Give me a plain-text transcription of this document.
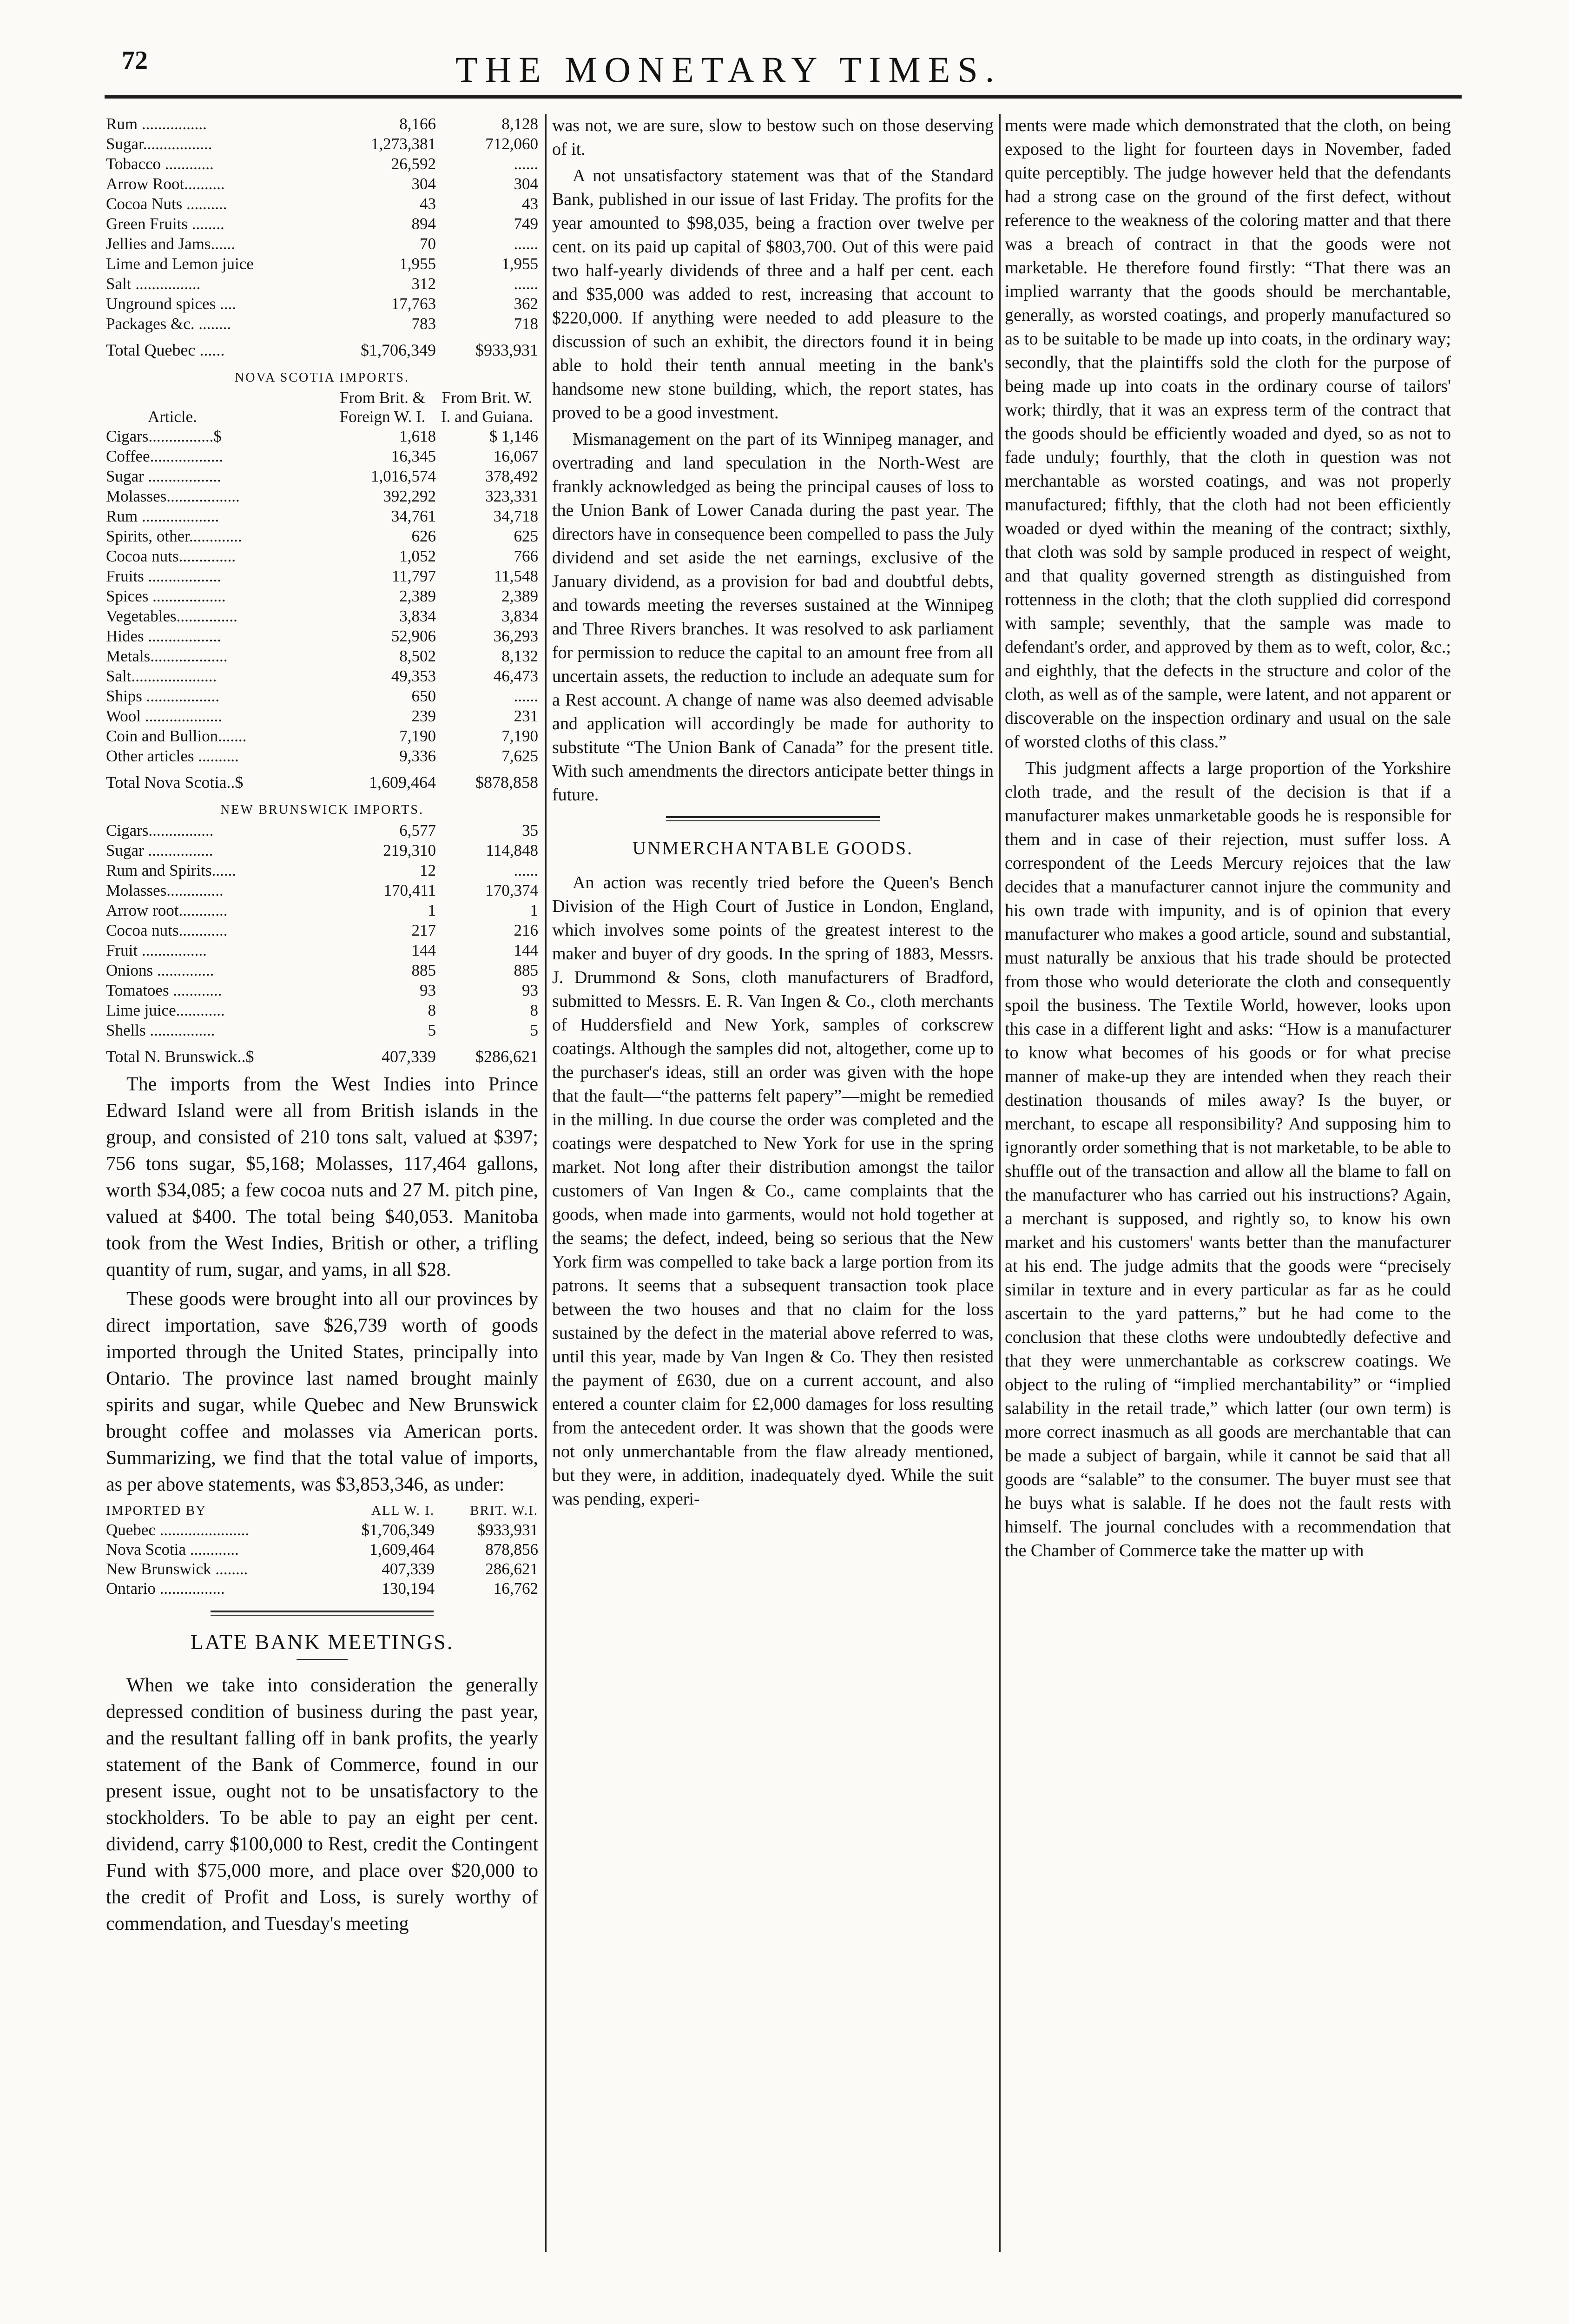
72	THE MONETARY TIMES.
Rum ................	8,166	8,128
Sugar.................	1,273,381	712,060
Tobacco ............	26,592	......
Arrow Root..........	304	304
Cocoa Nuts ..........	43	43
Green Fruits ........	894	749
Jellies and Jams......	70	......
Lime and Lemon juice	1,955	1,955
Salt ................	312	......
Unground spices ....	17,763	362
Packages &c. ........	783	718
Total Quebec ......	$1,706,349	$933,931
NOVA SCOTIA IMPORTS.
Article.	From Brit. & Foreign W. I.	From Brit. W. I. and Guiana.
Cigars................$	1,618	$ 1,146
Coffee..................	16,345	16,067
Sugar ..................	1,016,574	378,492
Molasses..................	392,292	323,331
Rum ...................	34,761	34,718
Spirits, other.............	626	625
Cocoa nuts..............	1,052	766
Fruits ..................	11,797	11,548
Spices ..................	2,389	2,389
Vegetables...............	3,834	3,834
Hides ..................	52,906	36,293
Metals...................	8,502	8,132
Salt.....................	49,353	46,473
Ships ..................	650	......
Wool ...................	239	231
Coin and Bullion.......	7,190	7,190
Other articles ..........	9,336	7,625
Total Nova Scotia..$	1,609,464	$878,858
NEW BRUNSWICK IMPORTS.
Cigars................	6,577	35
Sugar ................	219,310	114,848
Rum and Spirits......	12	......
Molasses..............	170,411	170,374
Arrow root............	1	1
Cocoa nuts............	217	216
Fruit ................	144	144
Onions ..............	885	885
Tomatoes ............	93	93
Lime juice............	8	8
Shells ................	5	5
Total N. Brunswick..$	407,339	$286,621

The imports from the West Indies into Prince Edward Island were all from British islands in the group, and consisted of 210 tons salt, valued at $397; 756 tons sugar, $5,168; Molasses, 117,464 gallons, worth $34,085; a few cocoa nuts and 27 M. pitch pine, valued at $400. The total being $40,053. Manitoba took from the West Indies, British or other, a trifling quantity of rum, sugar, and yams, in all $28.

These goods were brought into all our provinces by direct importation, save $26,739 worth of goods imported through the United States, principally into Ontario. The province last named brought mainly spirits and sugar, while Quebec and New Brunswick brought coffee and molasses via American ports. Summarizing, we find that the total value of imports, as per above statements, was $3,853,346, as under:

IMPORTED BY	ALL W. I.	BRIT. W.I.
Quebec ......................	$1,706,349	$933,931
Nova Scotia ............	1,609,464	878,856
New Brunswick ........	407,339	286,621
Ontario ................	130,194	16,762
LATE BANK MEETINGS.

When we take into consideration the generally depressed condition of business during the past year, and the resultant falling off in bank profits, the yearly statement of the Bank of Commerce, found in our present issue, ought not to be unsatisfactory to the stockholders. To be able to pay an eight per cent. dividend, carry $100,000 to Rest, credit the Contingent Fund with $75,000 more, and place over $20,000 to the credit of Profit and Loss, is surely worthy of commendation, and Tuesday's meeting

was not, we are sure, slow to bestow such on those deserving of it.

A not unsatisfactory statement was that of the Standard Bank, published in our issue of last Friday. The profits for the year amounted to $98,035, being a fraction over twelve per cent. on its paid up capital of $803,700. Out of this were paid two half-yearly dividends of three and a half per cent. each and $35,000 was added to rest, increasing that account to $220,000. If anything were needed to add pleasure to the discussion of such an exhibit, the directors found it in being able to hold their tenth annual meeting in the bank's handsome new stone building, which, the report states, has proved to be a good investment.

Mismanagement on the part of its Winnipeg manager, and overtrading and land speculation in the North-West are frankly acknowledged as being the principal causes of loss to the Union Bank of Lower Canada during the past year. The directors have in consequence been compelled to pass the July dividend and set aside the net earnings, exclusive of the January dividend, as a provision for bad and doubtful debts, and towards meeting the reverses sustained at the Winnipeg and Three Rivers branches. It was resolved to ask parliament for permission to reduce the capital to an amount free from all uncertain assets, the reduction to include an adequate sum for a Rest account. A change of name was also deemed advisable and application will accordingly be made for authority to substitute “The Union Bank of Canada” for the present title. With such amendments the directors anticipate better things in future.

UNMERCHANTABLE GOODS.

An action was recently tried before the Queen's Bench Division of the High Court of Justice in London, England, which involves some points of the greatest interest to the maker and buyer of dry goods. In the spring of 1883, Messrs. J. Drummond & Sons, cloth manufacturers of Bradford, submitted to Messrs. E. R. Van Ingen & Co., cloth merchants of Huddersfield and New York, samples of corkscrew coatings. Although the samples did not, altogether, come up to the purchaser's ideas, still an order was given with the hope that the fault—“the patterns felt papery”—might be remedied in the milling. In due course the order was completed and the coatings were despatched to New York for use in the spring market. Not long after their distribution amongst the tailor customers of Van Ingen & Co., came complaints that the goods, when made into garments, would not hold together at the seams; the defect, indeed, being so serious that the New York firm was compelled to take back a large portion from its patrons. It seems that a subsequent transaction took place between the two houses and that no claim for the loss sustained by the defect in the material above referred to was, until this year, made by Van Ingen & Co. They then resisted the payment of £630, due on a current account, and also entered a counter claim for £2,000 damages for loss resulting from the antecedent order. It was shown that the goods were not only unmerchantable from the flaw already mentioned, but they were, in addition, inadequately dyed. While the suit was pending, experi-

ments were made which demonstrated that the cloth, on being exposed to the light for fourteen days in November, faded quite perceptibly. The judge however held that the defendants had a strong case on the ground of the first defect, without reference to the weakness of the coloring matter and that there was a breach of contract in that the goods were not marketable. He therefore found firstly: “That there was an implied warranty that the goods should be merchantable, generally, as worsted coatings, and properly manufactured so as to be suitable to be made up into coats, in the ordinary way; secondly, that the plaintiffs sold the cloth for the purpose of being made up into coats in the ordinary course of tailors' work; thirdly, that it was an express term of the contract that the goods should be efficiently woaded and dyed, so as not to fade unduly; fourthly, that the cloth in question was not merchantable as worsted coatings, and was not properly manufactured; fifthly, that the cloth had not been efficiently woaded or dyed within the meaning of the contract; sixthly, that cloth was sold by sample produced in respect of weight, and that quality governed strength as distinguished from rottenness in the cloth; that the cloth supplied did correspond with sample; seventhly, that the sample was made to defendant's order, and approved by them as to weft, color, &c.; and eighthly, that the defects in the structure and color of the cloth, as well as of the sample, were latent, and not apparent or discoverable on the inspection ordinary and usual on the sale of worsted cloths of this class.”

This judgment affects a large proportion of the Yorkshire cloth trade, and the result of the decision is that if a manufacturer makes unmarketable goods he is responsible for them and in case of their rejection, must suffer loss. A correspondent of the Leeds Mercury rejoices that the law decides that a manufacturer cannot injure the community and his own trade with impunity, and is of opinion that every manufacturer who makes a good article, sound and substantial, must naturally be anxious that his trade should be protected from those who would deteriorate the cloth and consequently spoil the business. The Textile World, however, looks upon this case in a different light and asks: “How is a manufacturer to know what becomes of his goods or for what precise manner of make-up they are intended when they reach their destination thousands of miles away? Is the buyer, or merchant, to escape all responsibility? And supposing him to ignorantly order something that is not marketable, to be able to shuffle out of the transaction and allow all the blame to fall on the manufacturer who has carried out his instructions? Again, a merchant is supposed, and rightly so, to know his own market and his customers' wants better than the manufacturer at his end. The judge admits that the goods were “precisely similar in texture and in every particular as far as he could ascertain to the yard patterns,” but he had come to the conclusion that these cloths were undoubtedly defective and that they were unmerchantable as corkscrew coatings. We object to the ruling of “implied merchantability” or “implied salability in the retail trade,” which latter (our own term) is more correct inasmuch as all goods are merchantable that can be made a subject of bargain, while it cannot be said that all goods are “salable” to the consumer. The buyer must see that he buys what is salable. If he does not the fault rests with himself. The journal concludes with a recommendation that the Chamber of Commerce take the matter up with
